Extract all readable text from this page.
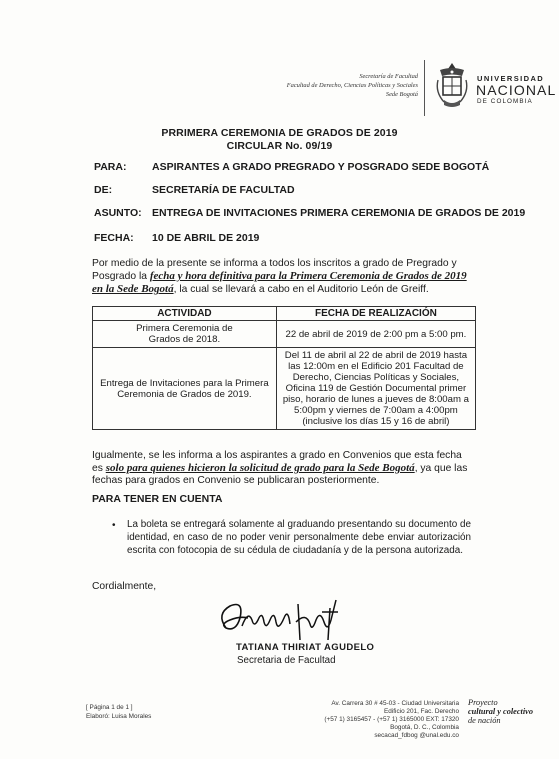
Secretaría de Facultad
Facultad de Derecho, Ciencias Políticas y Sociales
Sede Bogotá
UNIVERSIDAD
NACIONAL
DE COLOMBIA
PRRIMERA CEREMONIA DE GRADOS DE 2019
CIRCULAR No. 09/19
PARA: ASPIRANTES A GRADO PREGRADO Y POSGRADO SEDE BOGOTÁ
DE:	SECRETARÍA DE FACULTAD
ASUNTO: ENTREGA DE INVITACIONES PRIMERA CEREMONIA DE GRADOS DE 2019
FECHA: 10 DE ABRIL DE 2019
Por medio de la presente se informa a todos los inscritos a grado de Pregrado y Posgrado la fecha y hora definitiva para la Primera Ceremonia de Grados de 2019 en la Sede Bogotá, la cual se llevará a cabo en el Auditorio León de Greiff.
ACTIVIDAD	FECHA DE REALIZACIÓN
Primera Ceremonia de Grados de 2018.	22 de abril de 2019 de 2:00 pm a 5:00 pm.
Entrega de Invitaciones para la Primera Ceremonia de Grados de 2019.	Del 11 de abril al 22 de abril de 2019 hasta las 12:00m en el Edificio 201 Facultad de Derecho, Ciencias Políticas y Sociales, Oficina 119 de Gestión Documental primer piso, horario de lunes a jueves de 8:00am a 5:00pm y viernes de 7:00am a 4:00pm (inclusive los días 15 y 16 de abril)
Igualmente, se les informa a los aspirantes a grado en Convenios que esta fecha es solo para quienes hicieron la solicitud de grado para la Sede Bogotá, ya que las fechas para grados en Convenio se publicaran posteriormente.
PARA TENER EN CUENTA
• La boleta se entregará solamente al graduando presentando su documento de identidad, en caso de no poder venir personalmente debe enviar autorización escrita con fotocopia de su cédula de ciudadanía y de la persona autorizada.
Cordialmente,
TATIANA THIRIAT AGUDELO
Secretaria de Facultad
[ Página 1 de 1 ]
Elaboró: Luisa Morales
Av. Carrera 30 # 45-03 - Ciudad Universitaria
Edificio 201, Fac. Derecho
(+57 1) 3165457 - (+57 1) 3165000 EXT: 17320
Bogotá, D. C., Colombia
secacad_fdbog @unal.edu.co
Proyecto
cultural y colectivo
de nación
